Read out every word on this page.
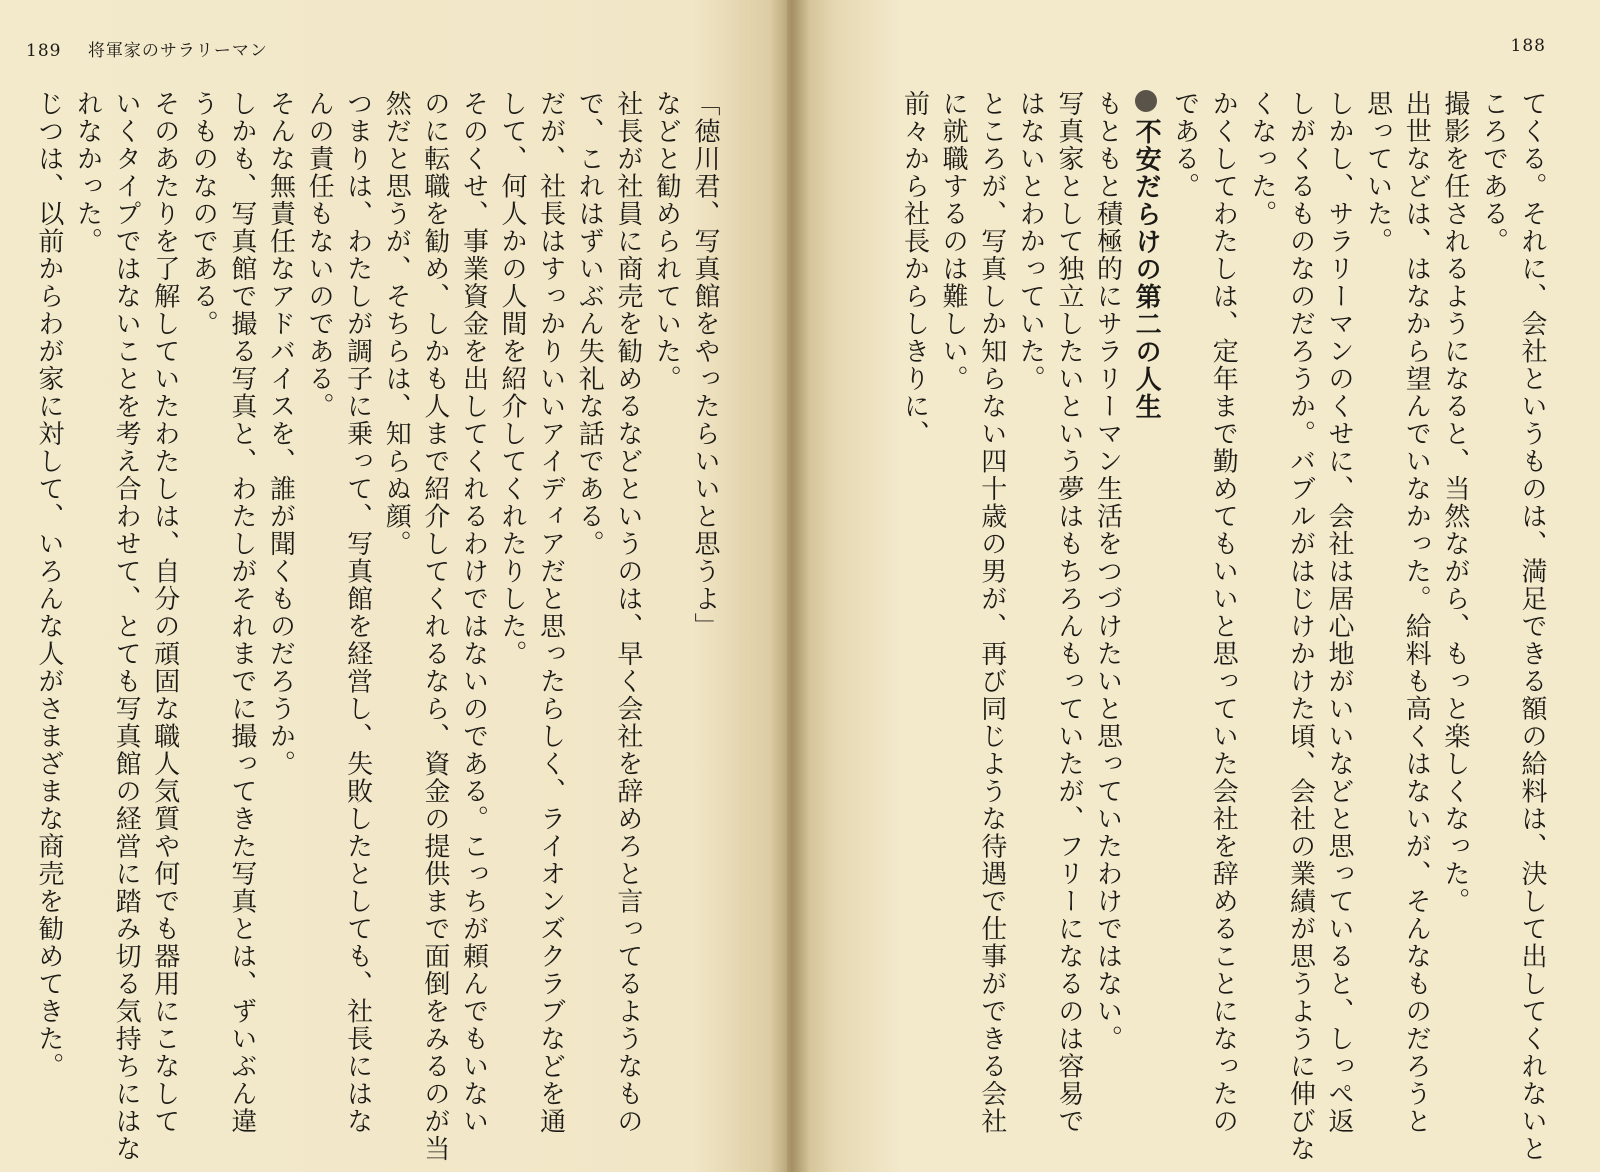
189 将軍家のサラリーマン

「徳川君、写真館をやったらいいと思うよ」

などと勧められていた。

社長が社員に商売を勧めるなどというのは、早く会社を辞めろと言ってるようなもの

で、これはずいぶん失礼な話である。

だが、社長はすっかりいいアイディアだと思ったらしく、ライオンズクラブなどを通

して、何人かの人間を紹介してくれたりした。

そのくせ、事業資金を出してくれるわけではないのである。こっちが頼んでもいない

のに転職を勧め、しかも人まで紹介してくれるなら、資金の提供まで面倒をみるのが当

然だと思うが、そちらは、知らぬ顔。

つまりは、わたしが調子に乗って、写真館を経営し、失敗したとしても、社長にはな

んの責任もないのである。

そんな無責任なアドバイスを、誰が聞くものだろうか。

しかも、写真館で撮る写真と、わたしがそれまでに撮ってきた写真とは、ずいぶん違

うものなのである。

そのあたりを了解していたわたしは、自分の頑固な職人気質や何でも器用にこなして

いくタイプではないことを考え合わせて、とても写真館の経営に踏み切る気持ちにはな

れなかった。

じつは、以前からわが家に対して、いろんな人がさまざまな商売を勧めてきた。

188

てくる。それに、会社というものは、満足できる額の給料は、決して出してくれないと

ころである。

撮影を任されるようになると、当然ながら、もっと楽しくなった。

出世などは、はなから望んでいなかった。給料も高くはないが、そんなものだろうと

思っていた。

しかし、サラリーマンのくせに、会社は居心地がいいなどと思っていると、しっぺ返

しがくるものなのだろうか。バブルがはじけかけた頃、会社の業績が思うように伸びな

くなった。

かくしてわたしは、定年まで勤めてもいいと思っていた会社を辞めることになったの

である。

不安だらけの第二の人生

もともと積極的にサラリーマン生活をつづけたいと思っていたわけではない。

写真家として独立したいという夢はもちろんもっていたが、フリーになるのは容易で

はないとわかっていた。

ところが、写真しか知らない四十歳の男が、再び同じような待遇で仕事ができる会社

に就職するのは難しい。

前々から社長からしきりに、
